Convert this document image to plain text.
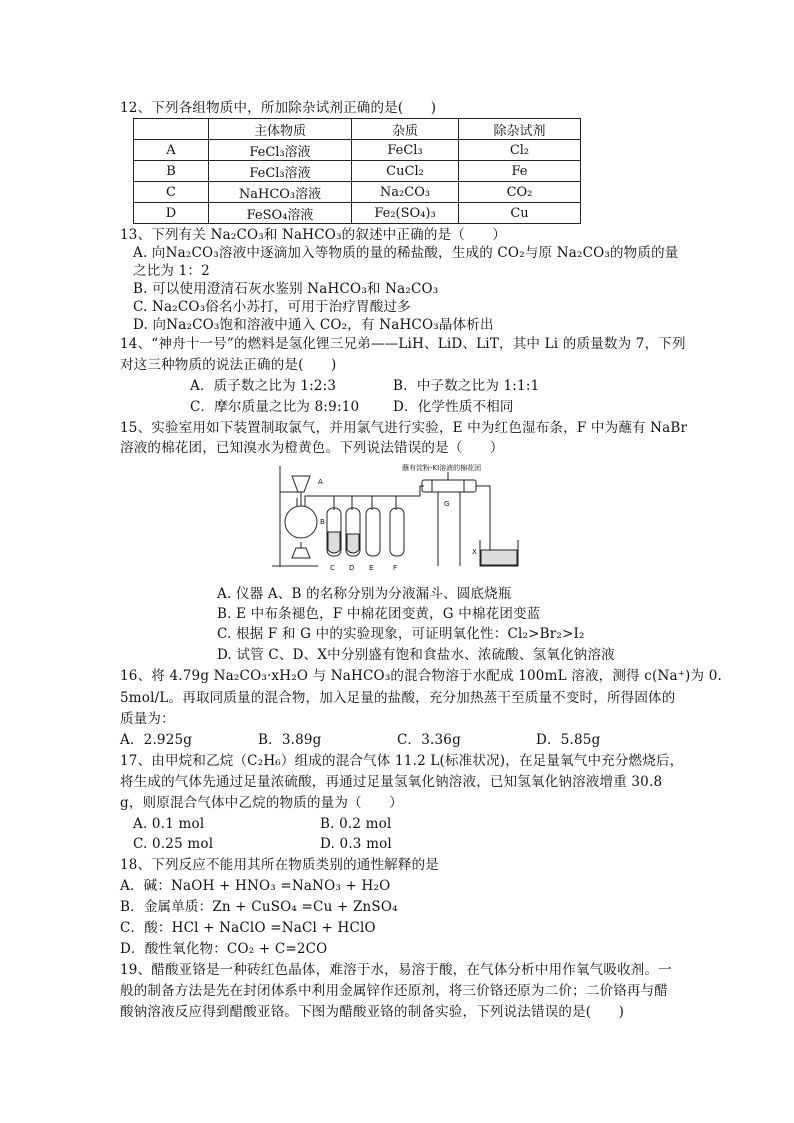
12、下列各组物质中，所加除杂试剂正确的是(　　)
	主体物质	杂质	除杂试剂
A	FeCl₃溶液	FeCl₃	Cl₂
B	FeCl₃溶液	CuCl₂	Fe
C	NaHCO₃溶液	Na₂CO₃	CO₂
D	FeSO₄溶液	Fe₂(SO₄)₃	Cu
13、下列有关 Na₂CO₃和 NaHCO₃的叙述中正确的是（　　）
A. 向Na₂CO₃溶液中逐滴加入等物质的量的稀盐酸，生成的 CO₂与原 Na₂CO₃的物质的量
之比为 1：2
B. 可以使用澄清石灰水鉴别 NaHCO₃和 Na₂CO₃
C. Na₂CO₃俗名小苏打，可用于治疗胃酸过多
D. 向Na₂CO₃饱和溶液中通入 CO₂，有 NaHCO₃晶体析出
14、“神舟十一号”的燃料是氢化锂三兄弟——LiH、LiD、LiT，其中 Li 的质量数为 7，下列
对这三种物质的说法正确的是(　　)
A．质子数之比为 1:2:3	B．中子数之比为 1:1:1
C．摩尔质量之比为 8:9:10 D．化学性质不相同
15、实验室用如下装置制取氯气，并用氯气进行实验，E 中为红色湿布条，F 中为蘸有 NaBr
溶液的棉花团，已知溴水为橙黄色。下列说法错误的是（　　）
蘸有淀粉-KI溶液的棉花团
A
B
C D E	F
G
X
A. 仪器 A、B 的名称分别为分液漏斗、圆底烧瓶
B. E 中布条褪色，F 中棉花团变黄，G 中棉花团变蓝
C. 根据 F 和 G 中的实验现象，可证明氧化性：Cl₂>Br₂>I₂
D. 试管 C、D、X中分别盛有饱和食盐水、浓硫酸、氢氧化钠溶液
16、将 4.79g Na₂CO₃·xH₂O 与 NaHCO₃的混合物溶于水配成 100mL 溶液，测得 c(Na⁺)为 0.
5mol/L。再取同质量的混合物，加入足量的盐酸，充分加热蒸干至质量不变时，所得固体的
质量为：
A．2.925g	B．3.89g	C．3.36g	D．5.85g
17、由甲烷和乙烷（C₂H₆）组成的混合气体 11.2 L(标准状况)，在足量氧气中充分燃烧后，
将生成的气体先通过足量浓硫酸，再通过足量氢氧化钠溶液，已知氢氧化钠溶液增重 30.8
g，则原混合气体中乙烷的物质的量为（　　）
A. 0.1 mol	B. 0.2 mol
C. 0.25 mol	D. 0.3 mol
18、下列反应不能用其所在物质类别的通性解释的是
A．碱：NaOH + HNO₃ =NaNO₃ + H₂O
B．金属单质：Zn + CuSO₄ =Cu + ZnSO₄
C．酸：HCl + NaClO =NaCl + HClO
D．酸性氧化物：CO₂ + C=2CO
19、醋酸亚铬是一种砖红色晶体，难溶于水，易溶于酸，在气体分析中用作氧气吸收剂。一
般的制备方法是先在封闭体系中利用金属锌作还原剂，将三价铬还原为二价；二价铬再与醋
酸钠溶液反应得到醋酸亚铬。下图为醋酸亚铬的制备实验，下列说法错误的是(　　)
